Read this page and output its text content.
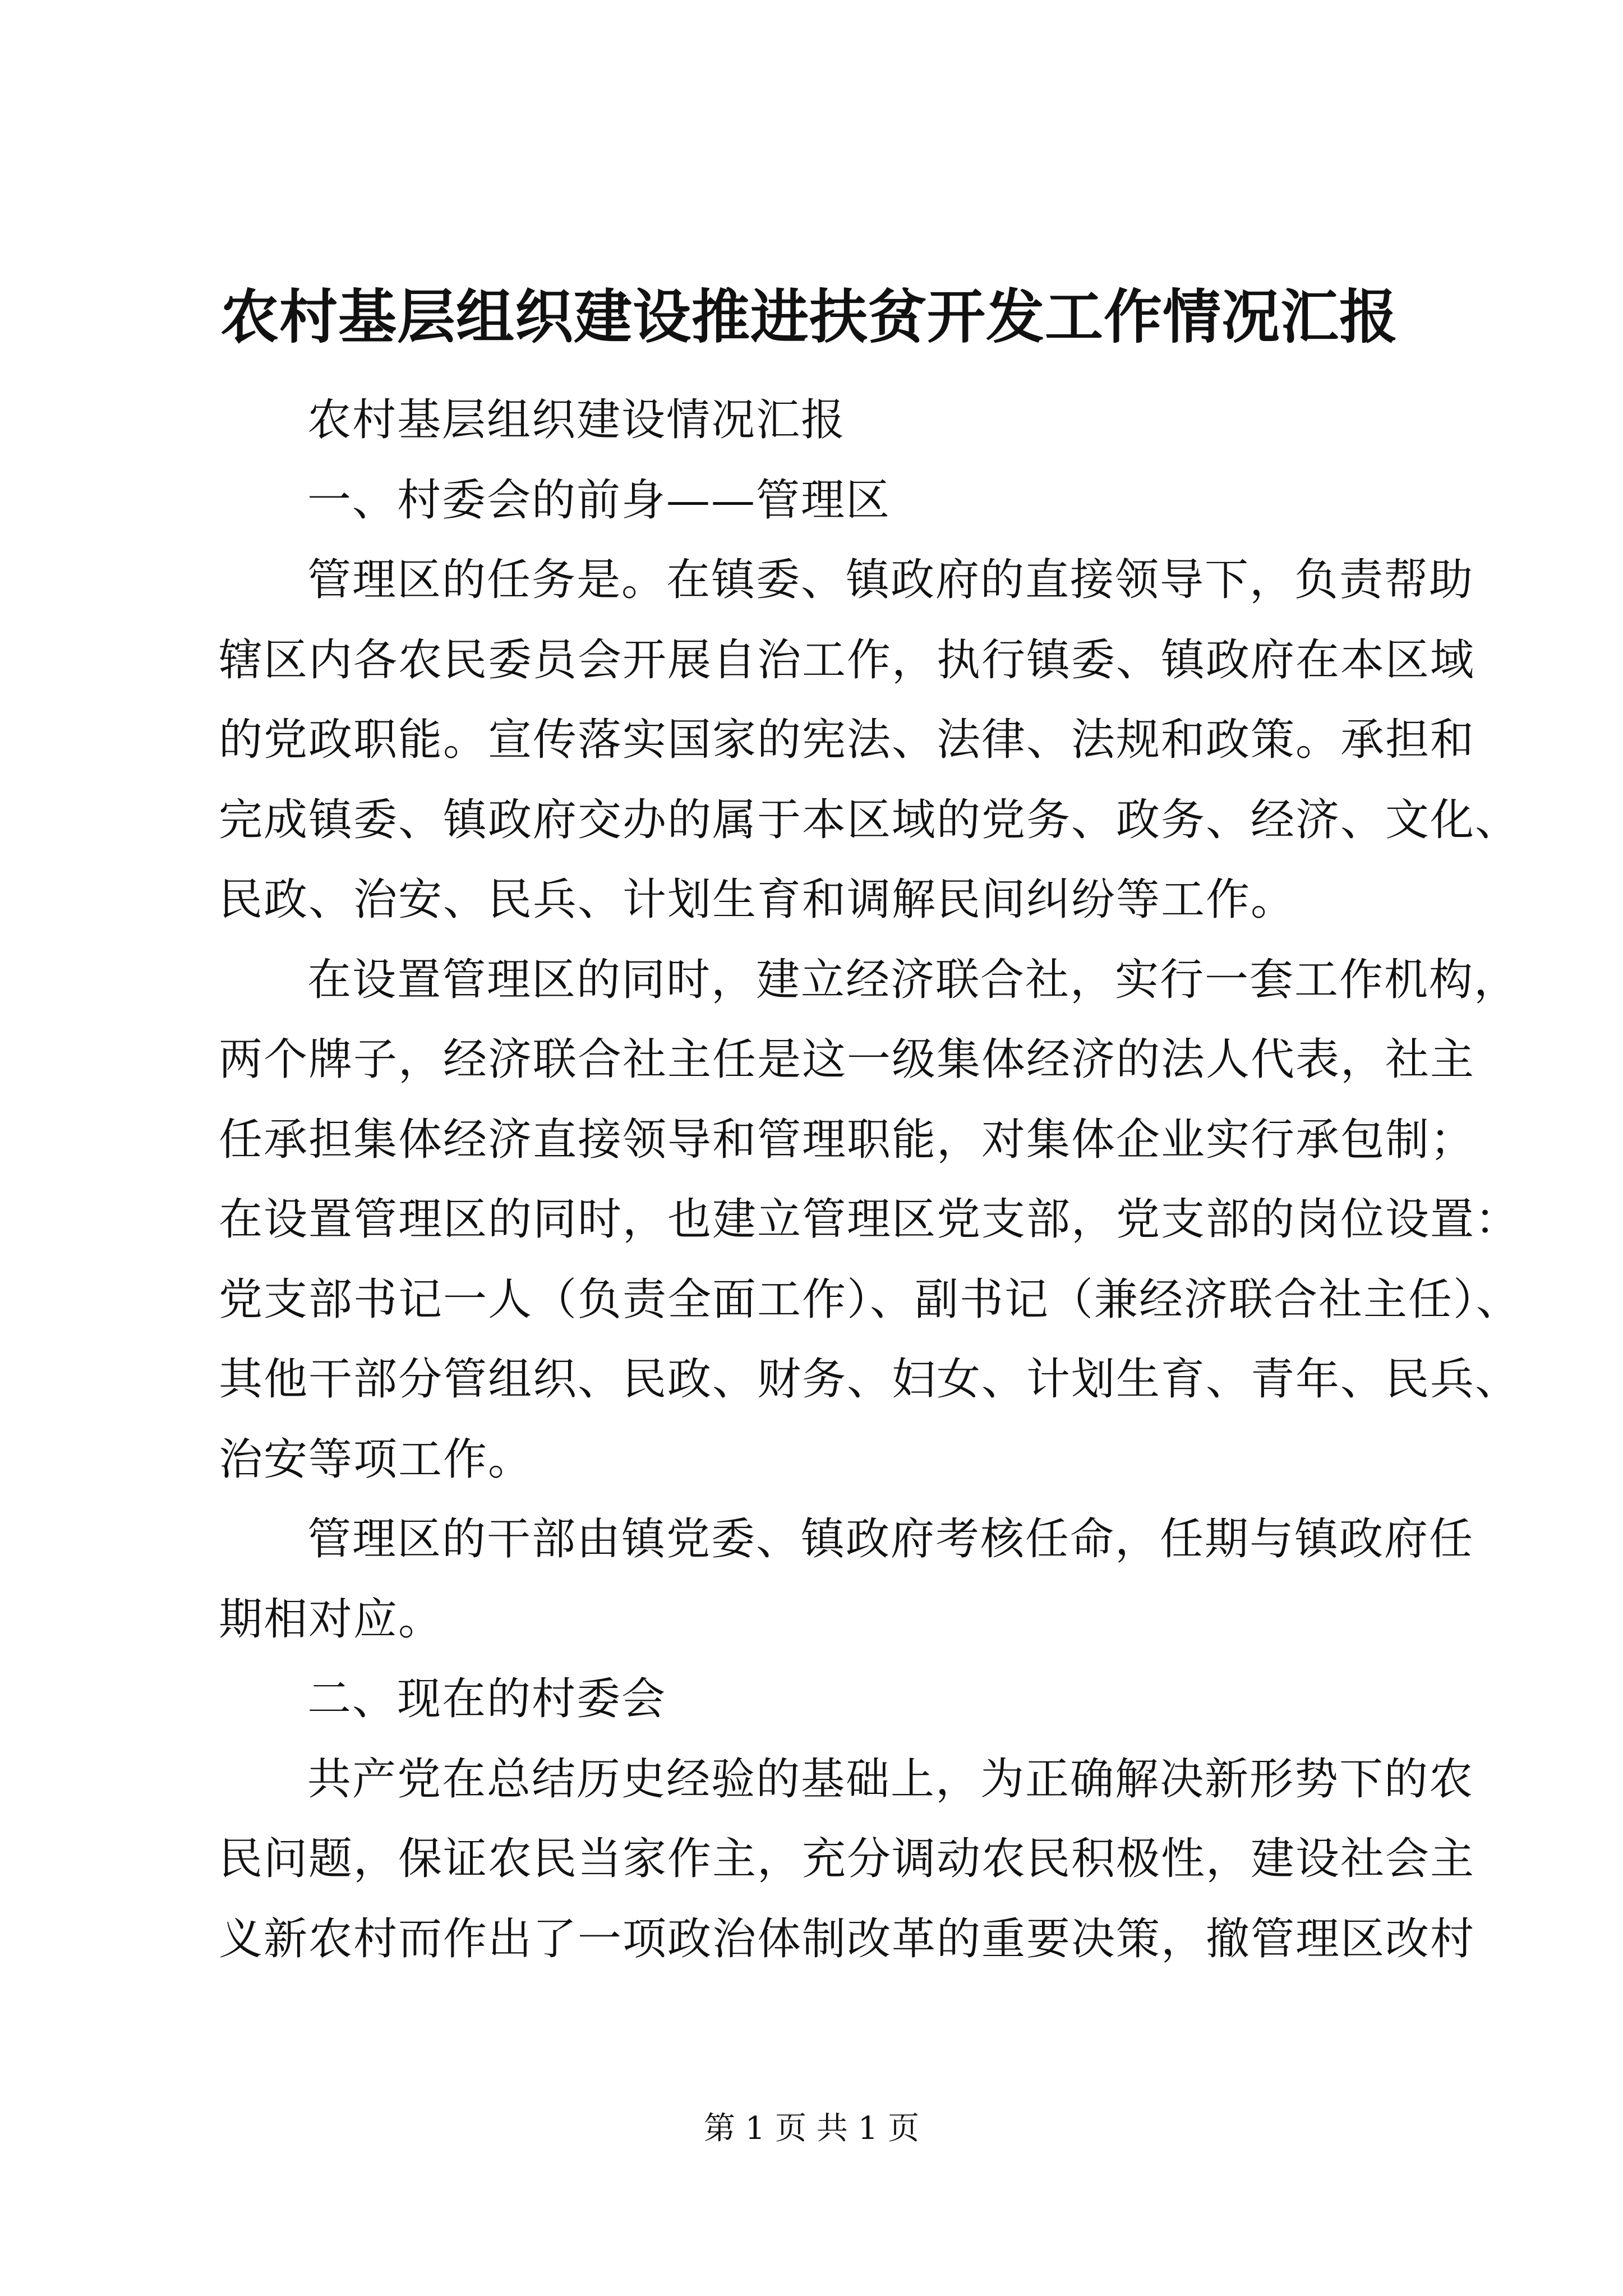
农村基层组织建设推进扶贫开发工作情况汇报
农村基层组织建设情况汇报
一、村委会的前身——管理区
管理区的任务是。在镇委、镇政府的直接领导下，负责帮助
辖区内各农民委员会开展自治工作，执行镇委、镇政府在本区域
的党政职能。宣传落实国家的宪法、法律、法规和政策。承担和
完成镇委、镇政府交办的属于本区域的党务、政务、经济、文化、
民政、治安、民兵、计划生育和调解民间纠纷等工作。
在设置管理区的同时，建立经济联合社，实行一套工作机构，
两个牌子，经济联合社主任是这一级集体经济的法人代表，社主
任承担集体经济直接领导和管理职能，对集体企业实行承包制；
在设置管理区的同时，也建立管理区党支部，党支部的岗位设置：
党支部书记一人（负责全面工作）、副书记（兼经济联合社主任）、
其他干部分管组织、民政、财务、妇女、计划生育、青年、民兵、
治安等项工作。
管理区的干部由镇党委、镇政府考核任命，任期与镇政府任
期相对应。
二、现在的村委会
共产党在总结历史经验的基础上，为正确解决新形势下的农
民问题，保证农民当家作主，充分调动农民积极性，建设社会主
义新农村而作出了一项政治体制改革的重要决策，撤管理区改村
第 1 页 共 1 页
